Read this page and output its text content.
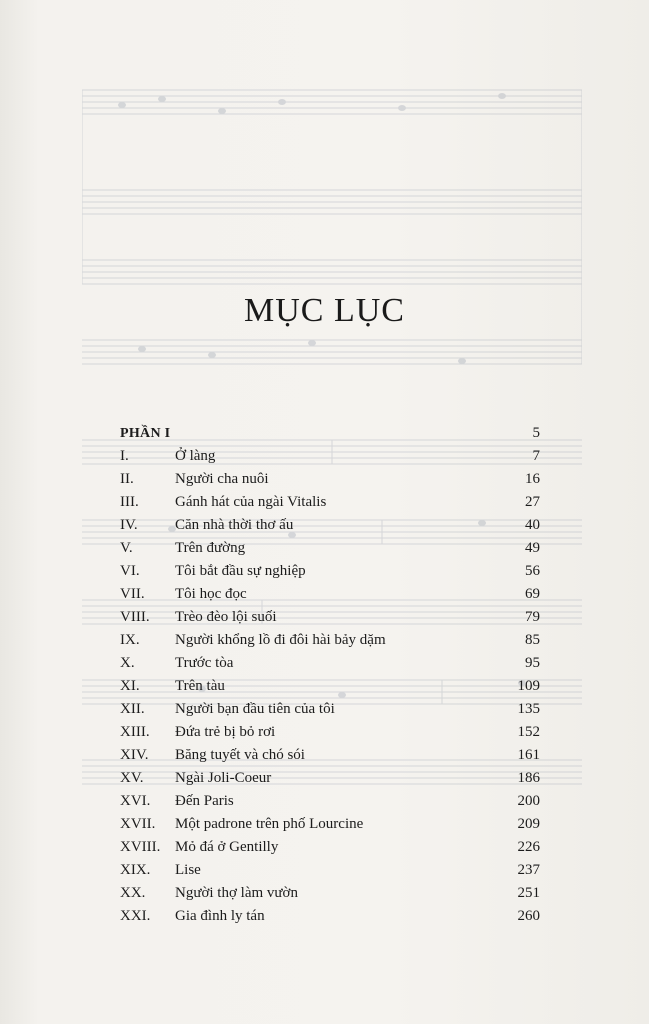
MỤC LỤC
PHẦN I	5
I.	Ở làng	7
II.	Người cha nuôi	16
III. Gánh hát của ngài Vitalis	27
IV. Căn nhà thời thơ ấu	40
V.	Trên đường	49
VI. Tôi bắt đầu sự nghiệp	56
VII. Tôi học đọc	69
VIII. Trèo đèo lội suối	79
IX. Người khổng lồ đi đôi hài bảy dặm	85
X.	Trước tòa	95
XI. Trên tàu	109
XII. Người bạn đầu tiên của tôi	135
XIII. Đứa trẻ bị bỏ rơi	152
XIV. Băng tuyết và chó sói	161
XV. Ngài Joli-Coeur	186
XVI. Đến Paris	200
XVII. Một padrone trên phố Lourcine	209
XVIII. Mỏ đá ở Gentilly	226
XIX. Lise	237
XX. Người thợ làm vườn	251
XXI. Gia đình ly tán	260
